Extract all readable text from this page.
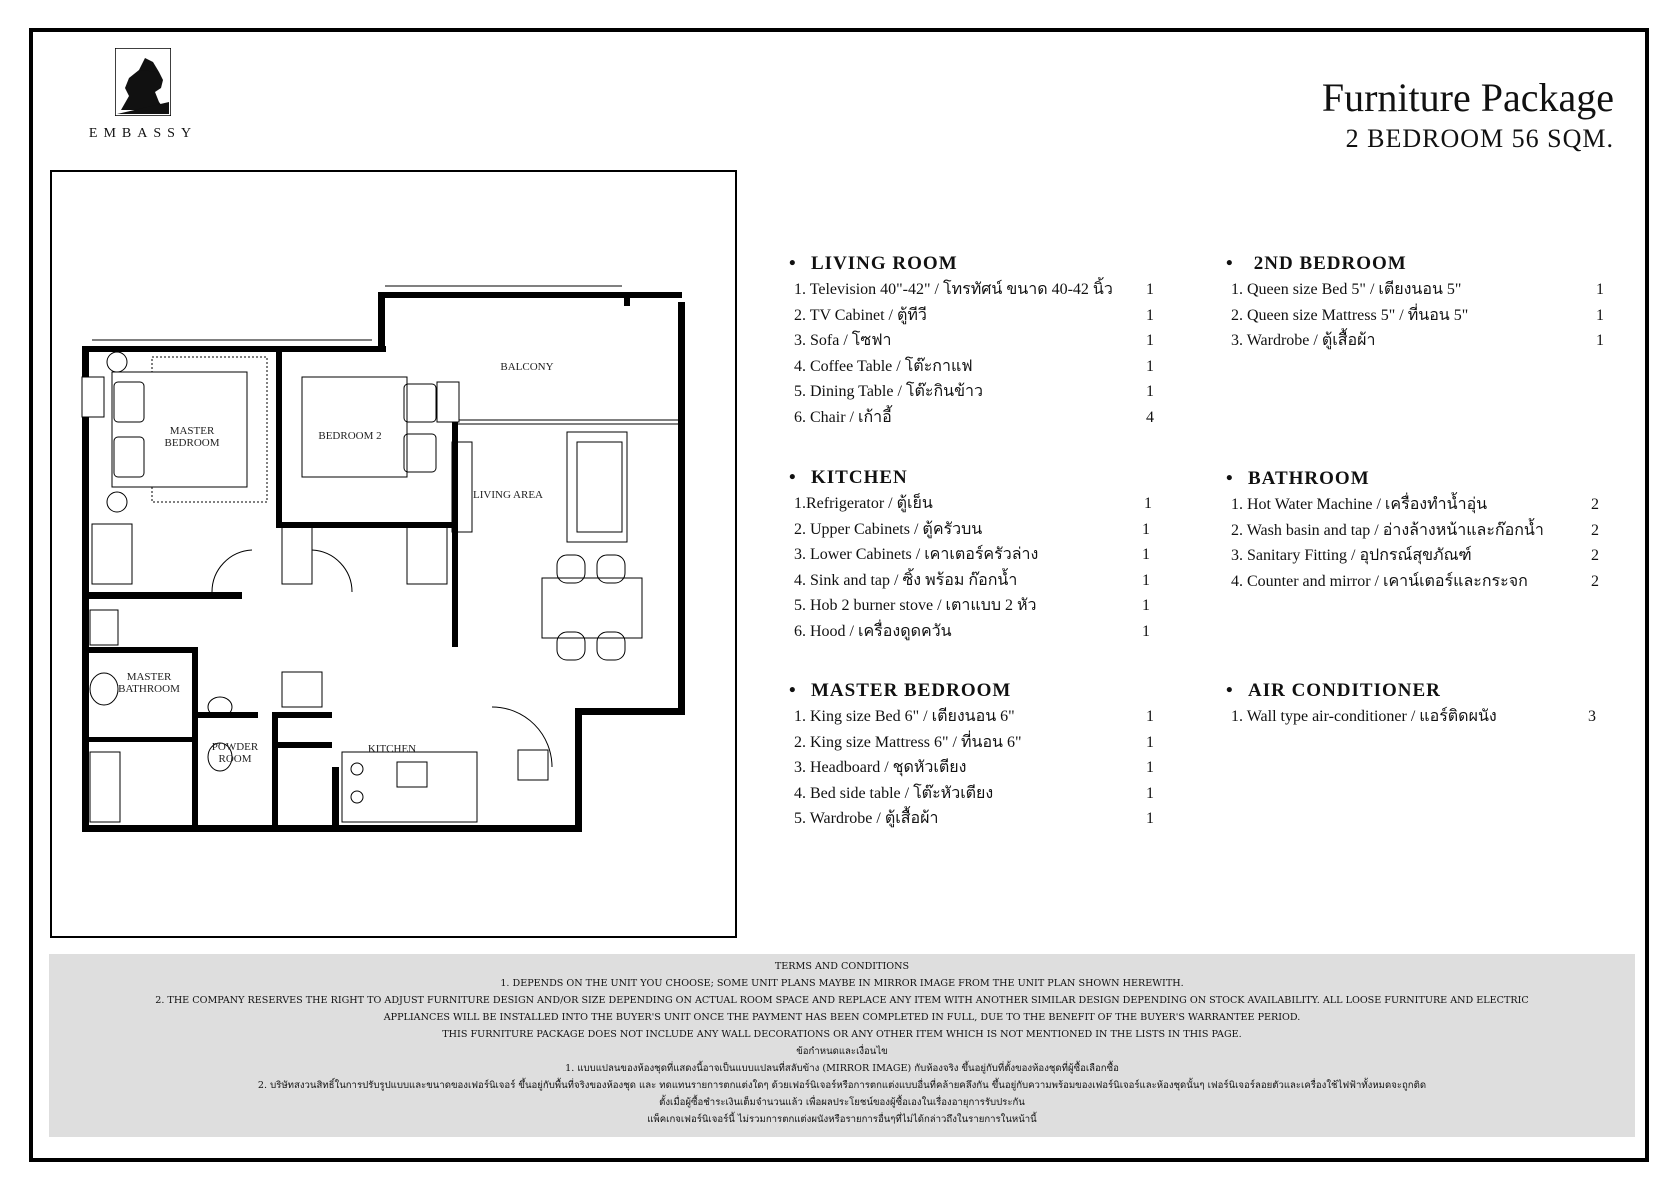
EMBASSY
Furniture Package
2 BEDROOM 56 SQM.
MASTER
BEDROOM
BEDROOM 2
BALCONY
LIVING AREA
MASTER
BATHROOM
POWDER
ROOM
KITCHEN
• LIVING ROOM
1. Television 40"-42" / โทรทัศน์ ขนาด 40-42 นิ้ว 1
2. TV Cabinet / ตู้ทีวี	1
3. Sofa / โซฟา	1
4. Coffee Table / โต๊ะกาแฟ	1
5. Dining Table / โต๊ะกินข้าว	1
6. Chair / เก้าอี้	4
• KITCHEN
1.Refrigerator / ตู้เย็น	1
2. Upper Cabinets / ตู้ครัวบน	1
3. Lower Cabinets / เคาเตอร์ครัวล่าง	1
4. Sink and tap / ซิ้ง พร้อม ก๊อกน้ำ	1
5. Hob 2 burner stove / เตาแบบ 2 หัว	1
6. Hood / เครื่องดูดควัน	1
• MASTER BEDROOM
1. King size Bed 6" / เตียงนอน 6"	1
2. King size Mattress 6" / ที่นอน 6"	1
3. Headboard / ชุดหัวเตียง	1
4. Bed side table / โต๊ะหัวเตียง	1
5. Wardrobe / ตู้เสื้อผ้า	1
• 2ND BEDROOM
1. Queen size Bed 5" / เตียงนอน 5"	1
2. Queen size Mattress 5" / ที่นอน 5"	1
3. Wardrobe / ตู้เสื้อผ้า	1
• BATHROOM
1. Hot Water Machine / เครื่องทำน้ำอุ่น	2
2. Wash basin and tap / อ่างล้างหน้าและก๊อกน้ำ	2
3. Sanitary Fitting / อุปกรณ์สุขภัณฑ์	2
4. Counter and mirror / เคาน์เตอร์และกระจก	2
• AIR CONDITIONER
1. Wall type air-conditioner / แอร์ติดผนัง	3
TERMS AND CONDITIONS
1. DEPENDS ON THE UNIT YOU CHOOSE; SOME UNIT PLANS MAYBE IN MIRROR IMAGE FROM THE UNIT PLAN SHOWN HEREWITH.
2. THE COMPANY RESERVES THE RIGHT TO ADJUST FURNITURE DESIGN AND/OR SIZE DEPENDING ON ACTUAL ROOM SPACE AND REPLACE ANY ITEM WITH ANOTHER SIMILAR DESIGN DEPENDING ON STOCK AVAILABILITY. ALL LOOSE FURNITURE AND ELECTRIC
APPLIANCES WILL BE INSTALLED INTO THE BUYER'S UNIT ONCE THE PAYMENT HAS BEEN COMPLETED IN FULL, DUE TO THE BENEFIT OF THE BUYER'S WARRANTEE PERIOD.
THIS FURNITURE PACKAGE DOES NOT INCLUDE ANY WALL DECORATIONS OR ANY OTHER ITEM WHICH IS NOT MENTIONED IN THE LISTS IN THIS PAGE.
ข้อกำหนดและเงื่อนไข
1. แบบแปลนของห้องชุดที่แสดงนี้อาจเป็นแบบแปลนที่สลับข้าง (MIRROR IMAGE) กับห้องจริง ขึ้นอยู่กับที่ตั้งของห้องชุดที่ผู้ซื้อเลือกซื้อ
2. บริษัทสงวนสิทธิ์ในการปรับรูปแบบและขนาดของเฟอร์นิเจอร์ ขึ้นอยู่กับพื้นที่จริงของห้องชุด และ ทดแทนรายการตกแต่งใดๆ ด้วยเฟอร์นิเจอร์หรือการตกแต่งแบบอื่นที่คล้ายคลึงกัน ขึ้นอยู่กับความพร้อมของเฟอร์นิเจอร์และห้องชุดนั้นๆ เฟอร์นิเจอร์ลอยตัวและเครื่องใช้ไฟฟ้าทั้งหมดจะถูกติด
ตั้งเมื่อผู้ซื้อชำระเงินเต็มจำนวนแล้ว เพื่อผลประโยชน์ของผู้ซื้อเองในเรื่องอายุการรับประกัน
แพ็คเกจเฟอร์นิเจอร์นี้ ไม่รวมการตกแต่งผนังหรือรายการอื่นๆที่ไม่ได้กล่าวถึงในรายการในหน้านี้
